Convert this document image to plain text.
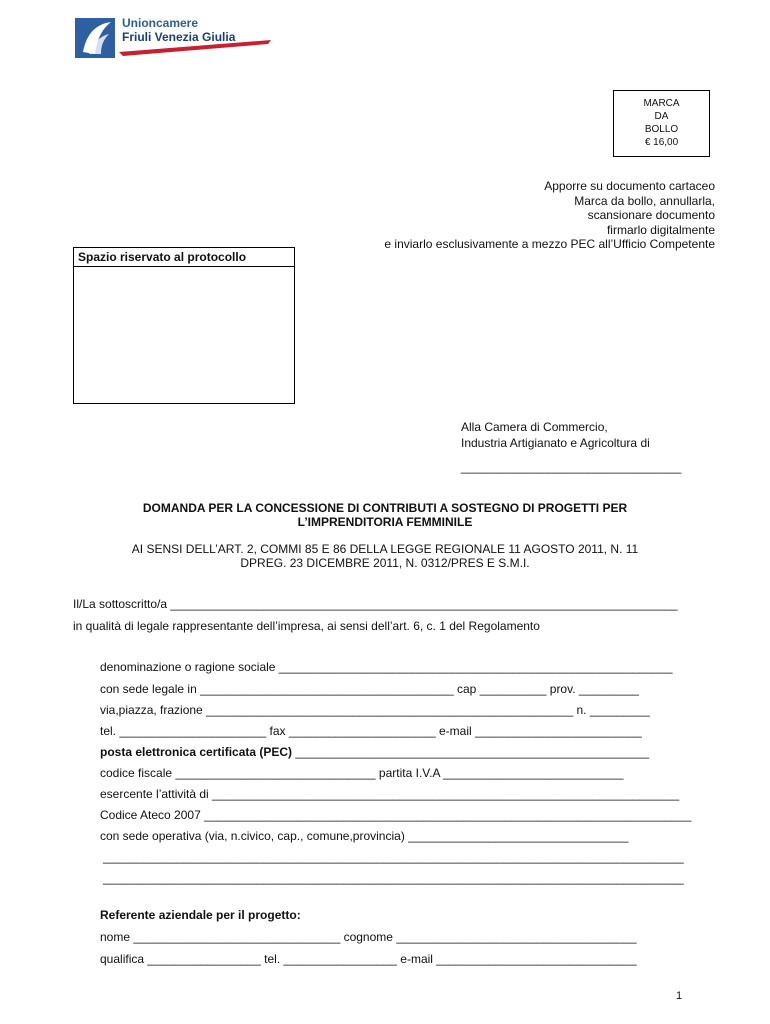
Unioncamere
Friuli Venezia Giulia
MARCA
DA
BOLLO
€ 16,00
Apporre su documento cartaceo
Marca da bollo, annullarla,
scansionare documento
firmarlo digitalmente
e inviarlo esclusivamente a mezzo PEC all’Ufficio Competente
Spazio riservato al protocollo
Alla Camera di Commercio,
Industria Artigianato e Agricoltura di
_________________________________
DOMANDA PER LA CONCESSIONE DI CONTRIBUTI A SOSTEGNO DI PROGETTI PER
L’IMPRENDITORIA FEMMINILE
AI SENSI DELL’ART. 2, COMMI 85 E 86 DELLA LEGGE REGIONALE 11 AGOSTO 2011, N. 11
DPREG. 23 DICEMBRE 2011, N. 0312/PRES E S.M.I.
Il/La sottoscritto/a ____________________________________________________________________________
in qualità di legale rappresentante dell’impresa, ai sensi dell’art. 6, c. 1 del Regolamento
denominazione o ragione sociale ___________________________________________________________
con sede legale in ______________________________________ cap __________ prov. _________
via,piazza, frazione _______________________________________________________ n. _________
tel. ______________________ fax ______________________ e-mail _________________________
posta elettronica certificata (PEC) _____________________________________________________
codice fiscale ______________________________ partita I.V.A ___________________________
esercente l’attività di ______________________________________________________________________
Codice Ateco 2007 _________________________________________________________________________
con sede operativa (via, n.civico, cap., comune,provincia) _________________________________
_______________________________________________________________________________________
_______________________________________________________________________________________
Referente aziendale per il progetto:
nome _______________________________ cognome ____________________________________
qualifica _________________ tel. _________________ e-mail ______________________________
1
